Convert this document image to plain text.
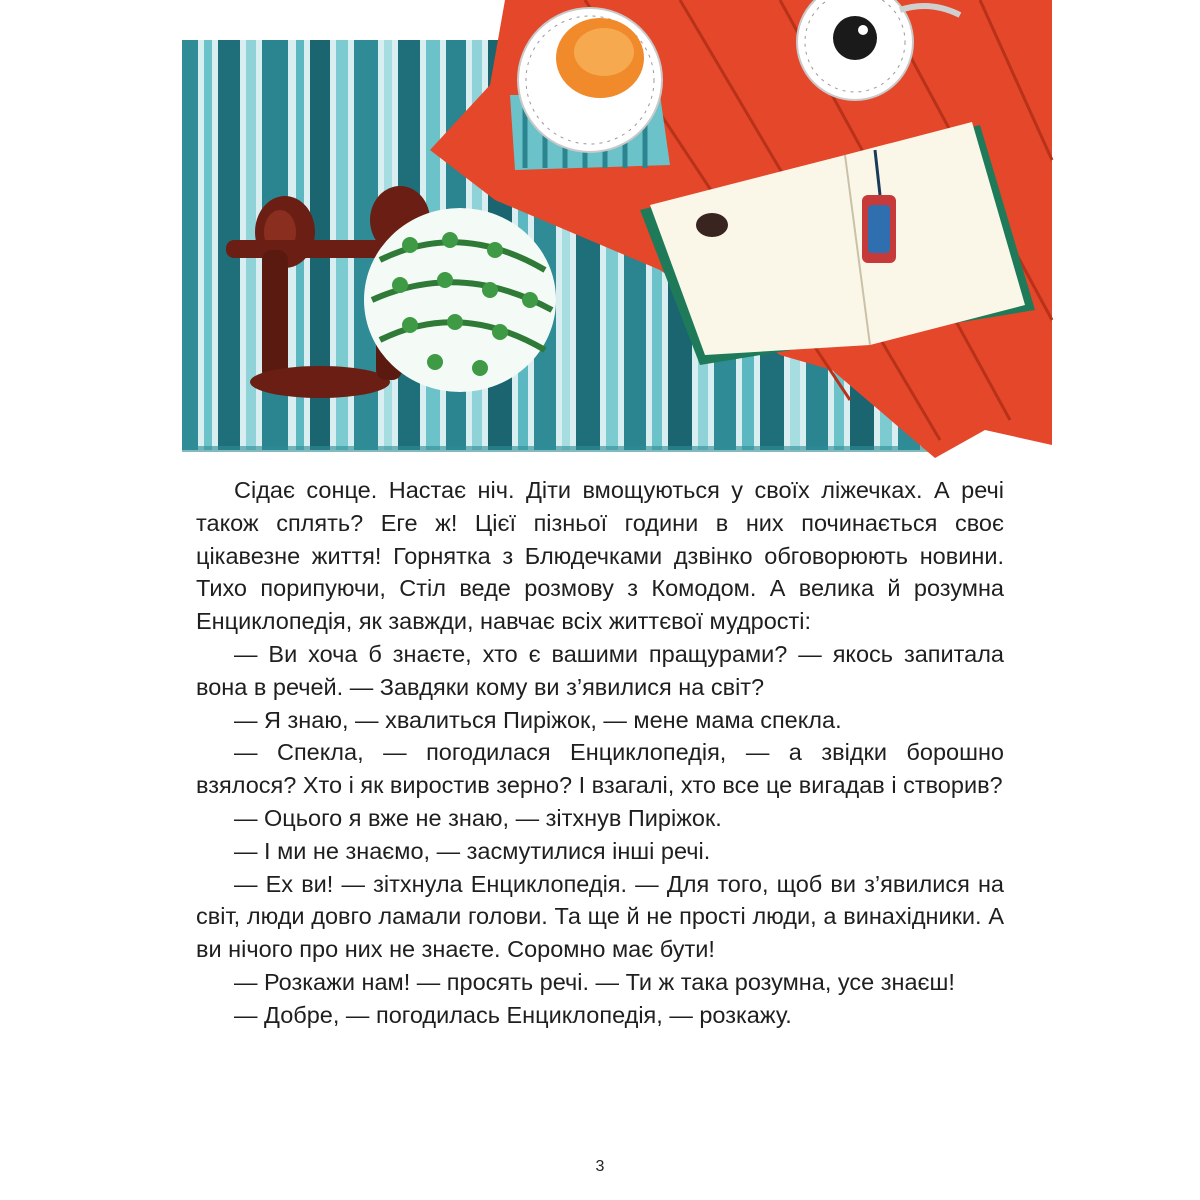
Сідає сонце. Настає ніч. Діти вмощуються у своїх ліжечках. А речі також сплять? Еге ж! Цієї пізньої години в них починається своє цікавезне життя! Горнятка з Блюдечками дзвінко обговорюють новини. Тихо порипуючи, Стіл веде розмову з Комодом. А велика й розумна Енциклопедія, як завжди, навчає всіх життєвої мудрості:

— Ви хоча б знаєте, хто є вашими пращурами? — якось запитала вона в речей. — Завдяки кому ви з’явилися на світ?

— Я знаю, — хвалиться Пиріжок, — мене мама спекла.

— Спекла, — погодилася Енциклопедія, — а звідки борошно взялося? Хто і як виростив зерно? І взагалі, хто все це вигадав і створив?

— Оцього я вже не знаю, — зітхнув Пиріжок.

— І ми не знаємо, — засмутилися інші речі.

— Ех ви! — зітхнула Енциклопедія. — Для того, щоб ви з’явилися на світ, люди довго ламали голови. Та ще й не прості люди, а винахідники. А ви нічого про них не знаєте. Соромно має бути!

— Розкажи нам! — просять речі. — Ти ж така розумна, усе знаєш!

— Добре, — погодилась Енциклопедія, — розкажу.

3
